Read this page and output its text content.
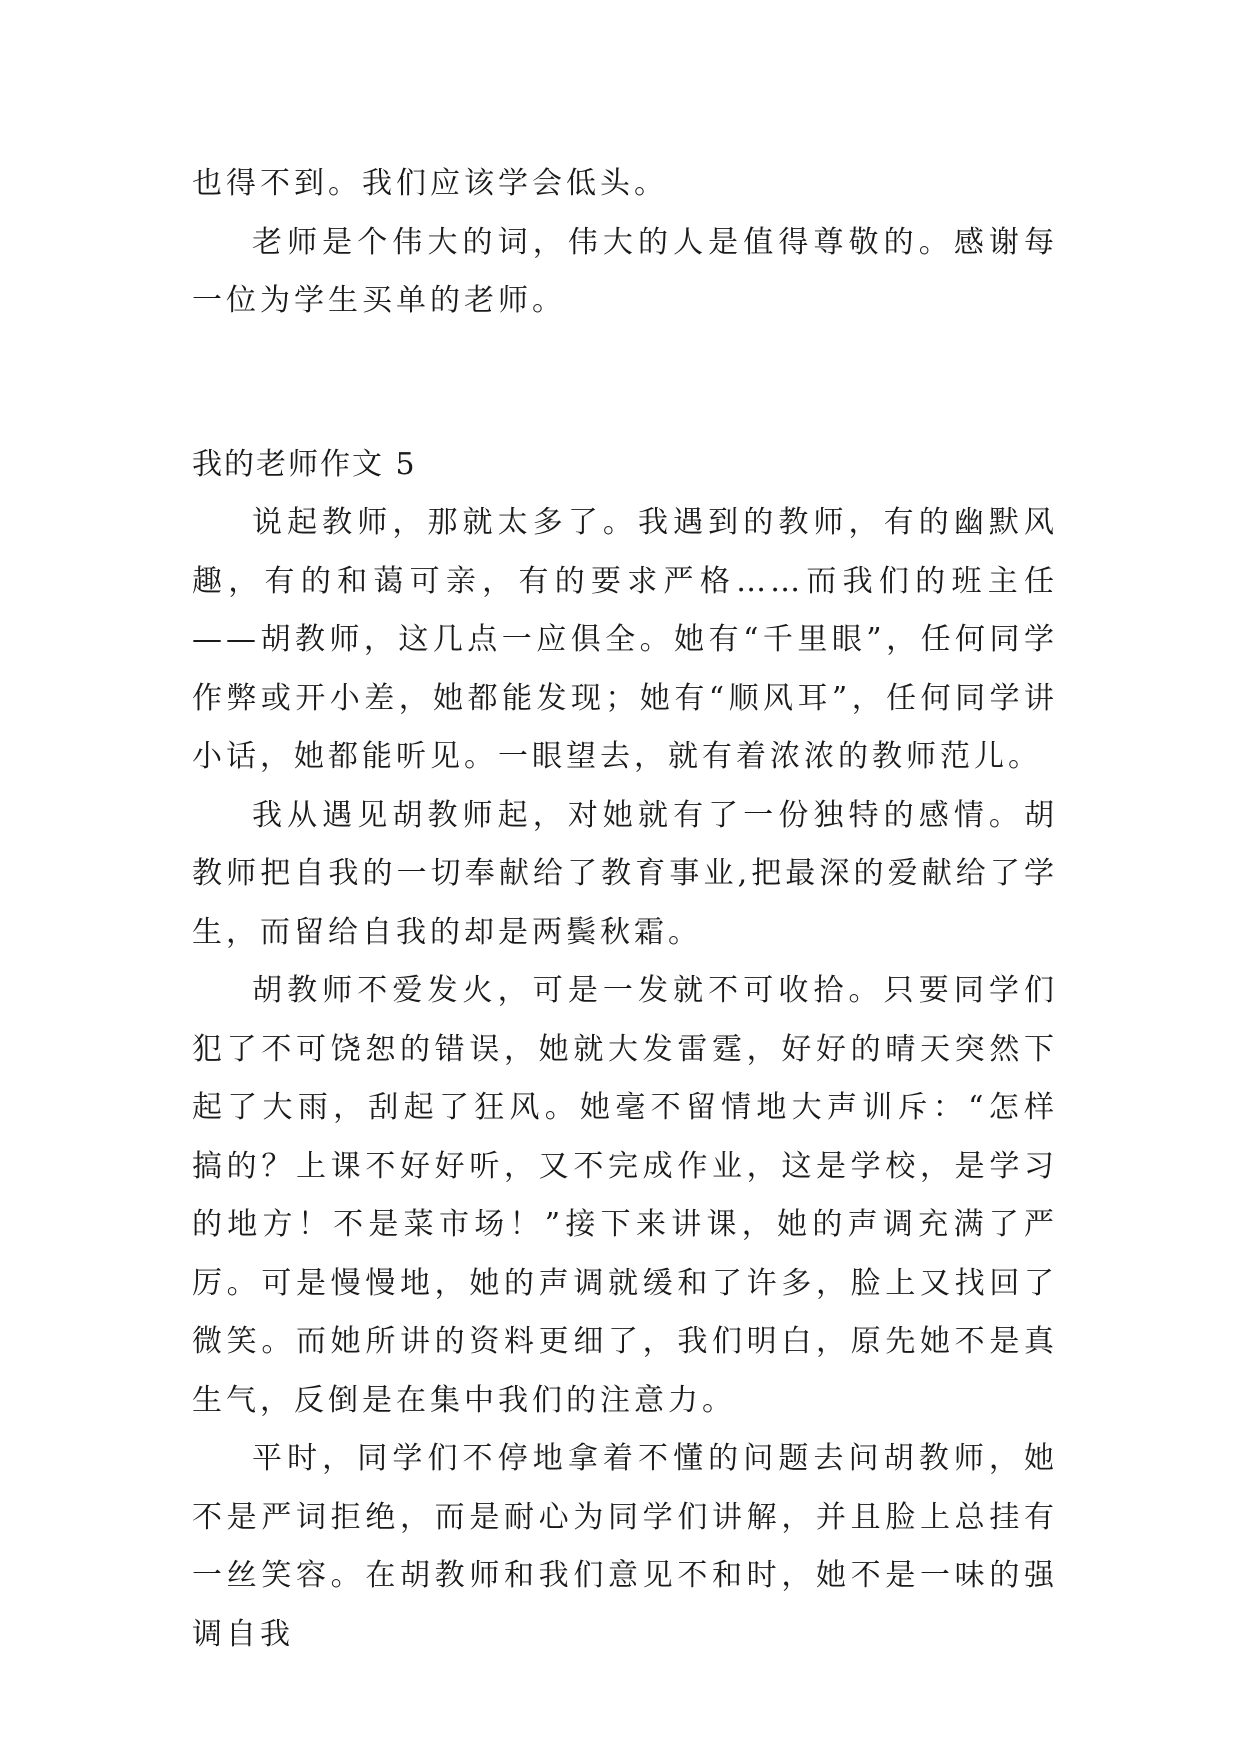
也得不到。我们应该学会低头。

老师是个伟大的词，伟大的人是值得尊敬的。感谢每一位为学生买单的老师。

我的老师作文 5

说起教师，那就太多了。我遇到的教师，有的幽默风趣，有的和蔼可亲，有的要求严格……而我们的班主任——胡教师，这几点一应俱全。她有“千里眼”，任何同学作弊或开小差，她都能发现；她有“顺风耳”，任何同学讲小话，她都能听见。一眼望去，就有着浓浓的教师范儿。

我从遇见胡教师起，对她就有了一份独特的感情。胡教师把自我的一切奉献给了教育事业,把最深的爱献给了学生，而留给自我的却是两鬓秋霜。

胡教师不爱发火，可是一发就不可收拾。只要同学们犯了不可饶恕的错误，她就大发雷霆，好好的晴天突然下起了大雨，刮起了狂风。她毫不留情地大声训斥：“怎样搞的？上课不好好听，又不完成作业，这是学校，是学习的地方！不是菜市场！”接下来讲课，她的声调充满了严厉。可是慢慢地，她的声调就缓和了许多，脸上又找回了微笑。而她所讲的资料更细了，我们明白，原先她不是真生气，反倒是在集中我们的注意力。

平时，同学们不停地拿着不懂的问题去问胡教师，她不是严词拒绝，而是耐心为同学们讲解，并且脸上总挂有一丝笑容。在胡教师和我们意见不和时，她不是一味的强调自我
